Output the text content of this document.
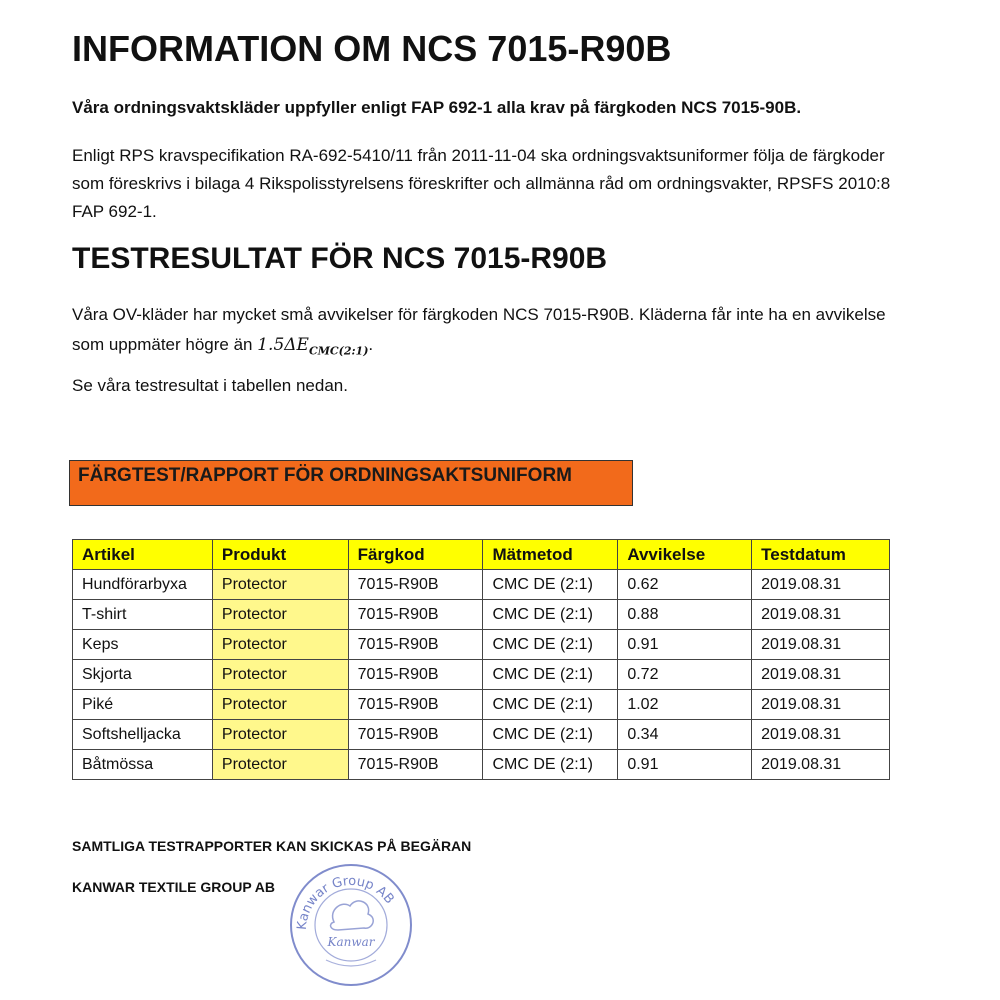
INFORMATION OM NCS 7015-R90B

Våra ordningsvaktskläder uppfyller enligt FAP 692-1 alla krav på färgkoden NCS 7015-90B.

Enligt RPS kravspecifikation RA-692-5410/11 från 2011-11-04 ska ordningsvaktsuniformer följa de färgkoder som föreskrivs i bilaga 4 Rikspolisstyrelsens föreskrifter och allmänna råd om ordningsvakter, RPSFS 2010:8 FAP 692-1.

TESTRESULTAT FÖR NCS 7015-R90B

Våra OV-kläder har mycket små avvikelser för färgkoden NCS 7015-R90B. Kläderna får inte ha en avvikelse som uppmäter högre än $1.5\Delta E_{CMC(2:1)}$.

Se våra testresultat i tabellen nedan.

FÄRGTEST/RAPPORT FÖR ORDNINGSAKTSUNIFORM
Artikel	Produkt	Färgkod	Mätmetod	Avvikelse	Testdatum
Hundförarbyxa	Protector	7015-R90B	CMC DE (2:1)	0.62	2019.08.31
T-shirt	Protector	7015-R90B	CMC DE (2:1)	0.88	2019.08.31
Keps	Protector	7015-R90B	CMC DE (2:1)	0.91	2019.08.31
Skjorta	Protector	7015-R90B	CMC DE (2:1)	0.72	2019.08.31
Piké	Protector	7015-R90B	CMC DE (2:1)	1.02	2019.08.31
Softshelljacka	Protector	7015-R90B	CMC DE (2:1)	0.34	2019.08.31
Båtmössa	Protector	7015-R90B	CMC DE (2:1)	0.91	2019.08.31

SAMTLIGA TESTRAPPORTER KAN SKICKAS PÅ BEGÄRAN

KANWAR TEXTILE GROUP AB

Kanwar Group AB
Kanwar
